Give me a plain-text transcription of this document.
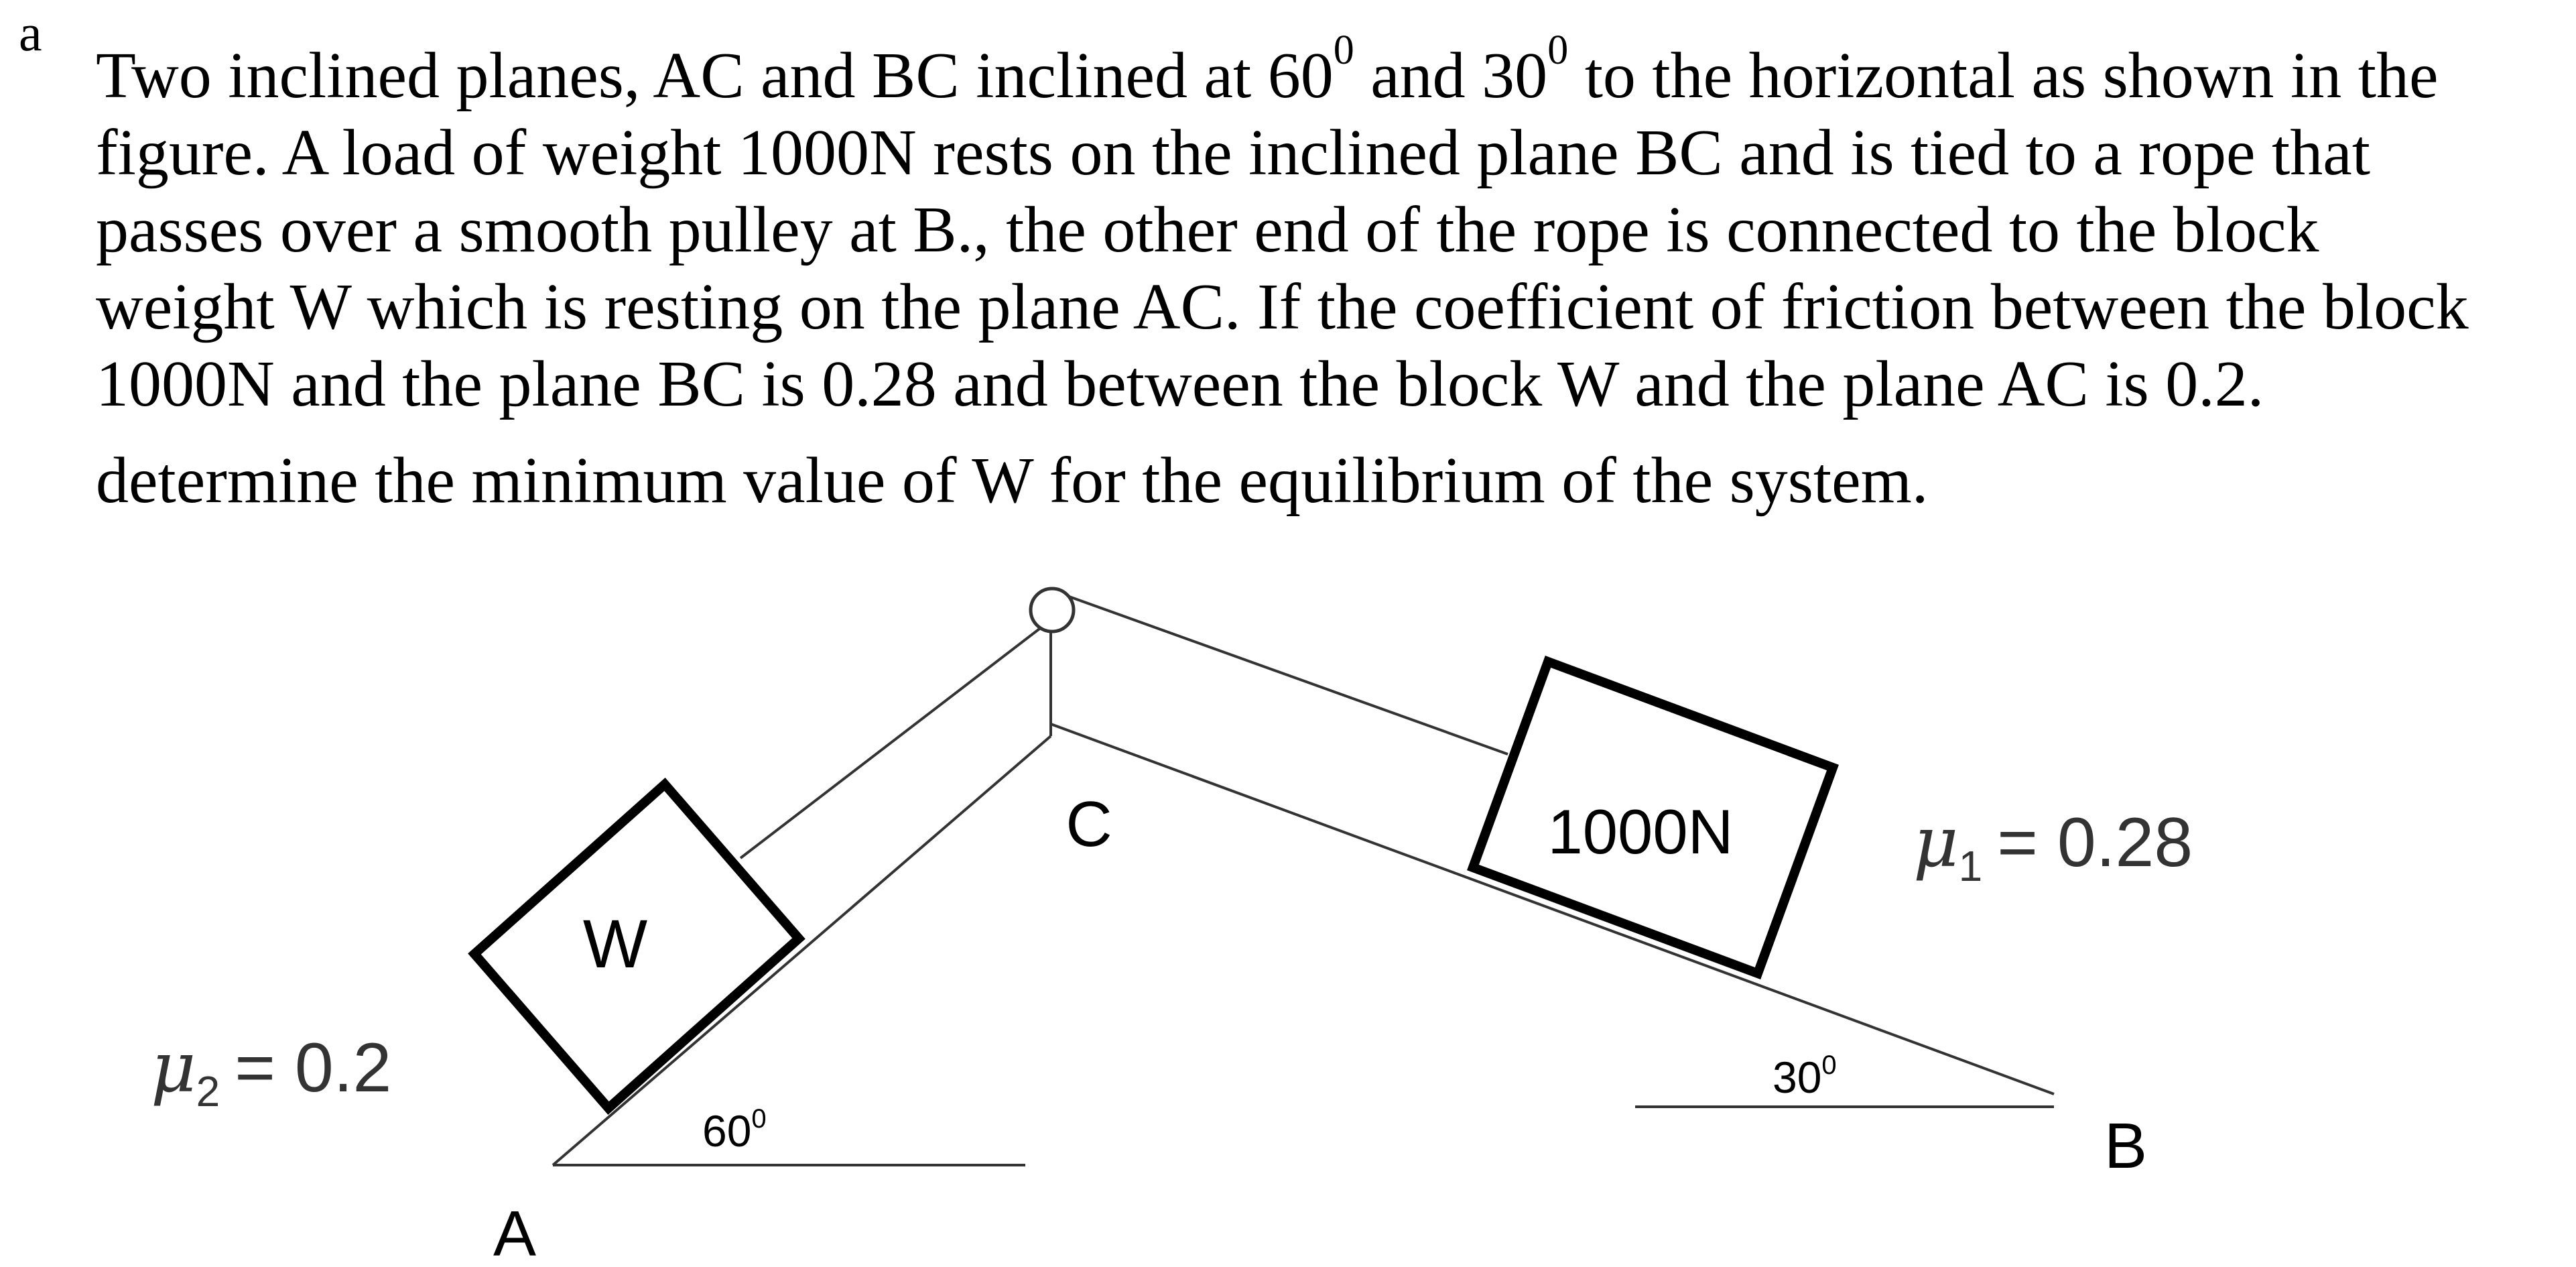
a
Two inclined planes, AC and BC inclined at $60^0$ and $30^0$ to the horizontal as shown in the
figure. A load of weight 1000N rests on the inclined plane BC and is tied to a rope that
passes over a smooth pulley at B., the other end of the rope is connected to the block
weight W which is resting on the plane AC. If the coefficient of friction between the block
1000N and the plane BC is 0.28 and between the block W and the plane AC is 0.2.
determine the minimum value of W for the equilibrium of the system.
W
1000N
C
A
B
$60^0$
$30^0$
$\mu_1 = 0.28$
$\mu_2 = 0.2$
